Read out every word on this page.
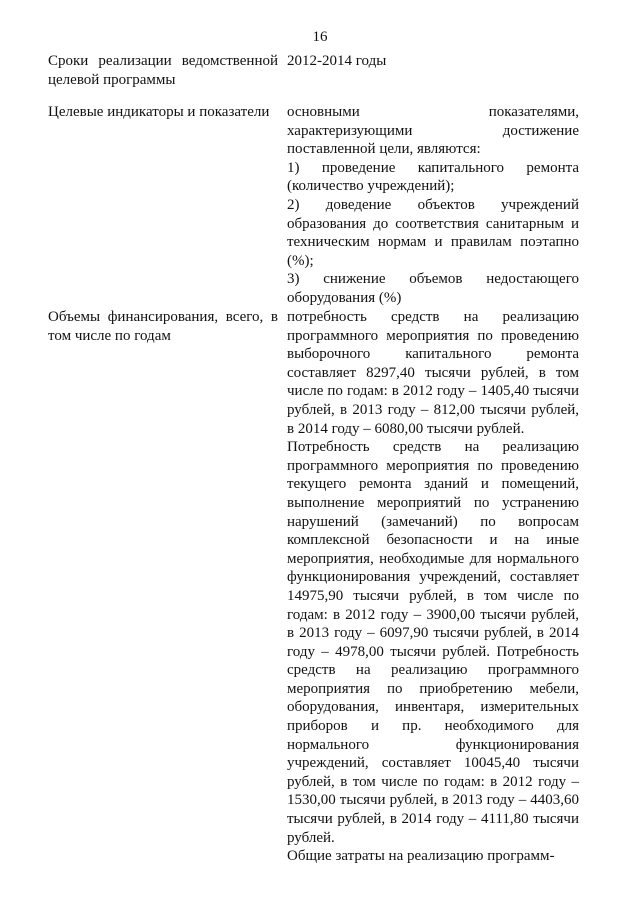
16
Сроки реализации ведомственной целевой программы

2012-2014 годы

Целевые индикаторы и показатели	основными показателями, характеризующими достижение поставленной цели, являются:

1) проведение капитального ремонта (количество учреждений);

2) доведение объектов учреждений образования до соответствия санитарным и техническим нормам и правилам поэтапно (%);

3) снижение объемов недостающего оборудования (%)

Объемы финансирования, всего, в том числе по годам

потребность средств на реализацию программного мероприятия по проведению выборочного капитального ремонта составляет 8297,40 тысячи рублей, в том числе по годам: в 2012 году – 1405,40 тысячи рублей, в 2013 году – 812,00 тысячи рублей, в 2014 году – 6080,00 тысячи рублей.

Потребность средств на реализацию программного мероприятия по проведению текущего ремонта зданий и помещений, выполнение мероприятий по устранению нарушений (замечаний) по вопросам комплексной безопасности и на иные мероприятия, необходимые для нормального функционирования учреждений, составляет 14975,90 тысячи рублей, в том числе по годам: в 2012 году – 3900,00 тысячи рублей, в 2013 году – 6097,90 тысячи рублей, в 2014 году – 4978,00 тысячи рублей. Потребность средств на реализацию программного мероприятия по приобретению мебели, оборудования, инвентаря, измерительных приборов и пр. необходимого для нормального функционирования учреждений, составляет 10045,40 тысячи рублей, в том числе по годам: в 2012 году – 1530,00 тысячи рублей, в 2013 году – 4403,60 тысячи рублей, в 2014 году – 4111,80 тысячи рублей.

Общие затраты на реализацию программ-
